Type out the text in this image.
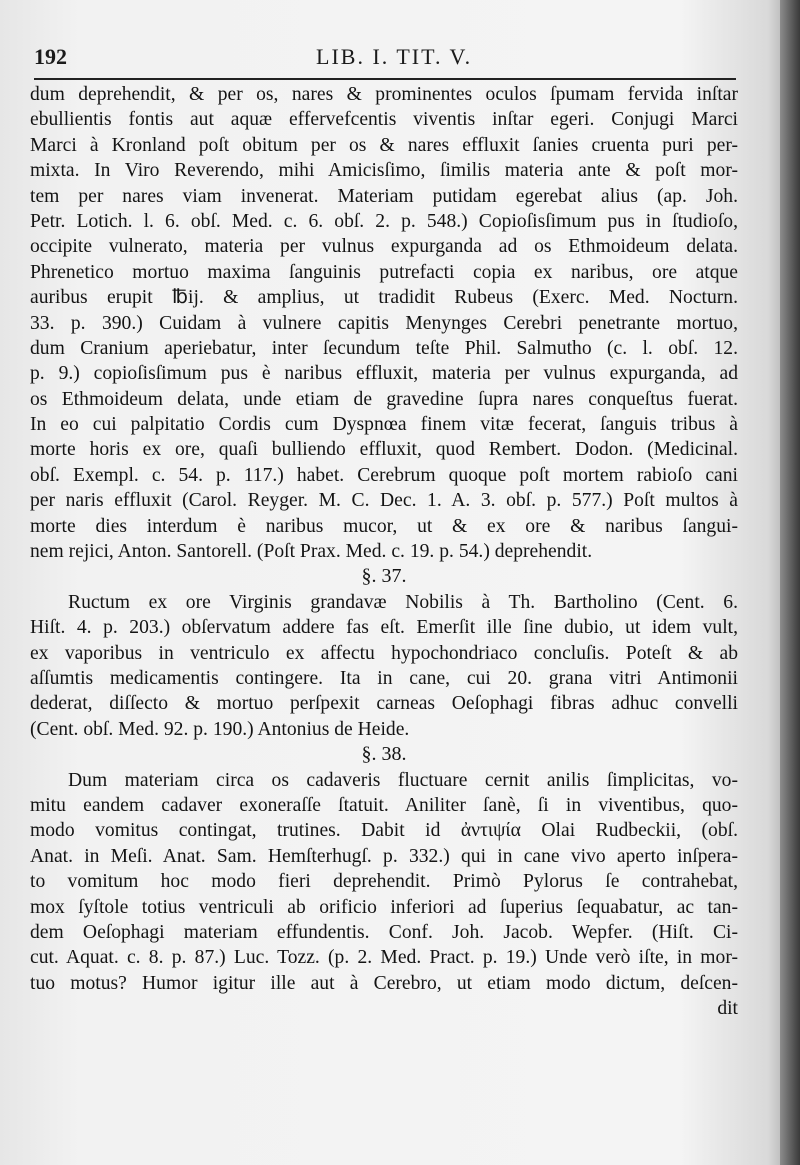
192	LIB. I. TIT. V.
dum deprehendit, & per os, nares & prominentes oculos ſpumam fervida inſtar
ebullientis fontis aut aquæ effervefcentis viventis inſtar egeri. Conjugi Marci
Marci à Kronland poſt obitum per os & nares effluxit ſanies cruenta puri per-
mixta. In Viro Reverendo, mihi Amicisſimo, ſimilis materia ante & poſt mor-
tem per nares viam invenerat. Materiam putidam egerebat alius (ap. Joh.
Petr. Lotich. l. 6. obſ. Med. c. 6. obſ. 2. p. 548.) Copioſisſimum pus in ſtudioſo,
occipite vulnerato, materia per vulnus expurganda ad os Ethmoideum delata.
Phrenetico mortuo maxima ſanguinis putrefacti copia ex naribus, ore atque
auribus erupit ℔ij. & amplius, ut tradidit Rubeus (Exerc. Med. Nocturn.
33. p. 390.) Cuidam à vulnere capitis Menynges Cerebri penetrante mortuo,
dum Cranium aperiebatur, inter ſecundum teſte Phil. Salmutho (c. l. obſ. 12.
p. 9.) copioſisſimum pus è naribus effluxit, materia per vulnus expurganda, ad
os Ethmoideum delata, unde etiam de gravedine ſupra nares conqueſtus fuerat.
In eo cui palpitatio Cordis cum Dyspnœa finem vitæ fecerat, ſanguis tribus à
morte horis ex ore, quaſi bulliendo effluxit, quod Rembert. Dodon. (Medicinal.
obſ. Exempl. c. 54. p. 117.) habet. Cerebrum quoque poſt mortem rabioſo cani
per naris effluxit (Carol. Reyger. M. C. Dec. 1. A. 3. obſ. p. 577.) Poſt multos à
morte dies interdum è naribus mucor, ut & ex ore & naribus ſangui-
nem rejici, Anton. Santorell. (Poſt Prax. Med. c. 19. p. 54.) deprehendit.
§. 37.
Ructum ex ore Virginis grandavæ Nobilis à Th. Bartholino (Cent. 6.
Hiſt. 4. p. 203.) obſervatum addere fas eſt. Emerſit ille ſine dubio, ut idem vult,
ex vaporibus in ventriculo ex affectu hypochondriaco concluſis. Poteſt & ab
aſſumtis medicamentis contingere. Ita in cane, cui 20. grana vitri Antimonii
dederat, diſſecto & mortuo perſpexit carneas Oeſophagi fibras adhuc convelli
(Cent. obſ. Med. 92. p. 190.) Antonius de Heide.
§. 38.
Dum materiam circa os cadaveris fluctuare cernit anilis ſimplicitas, vo-
mitu eandem cadaver exoneraſſe ſtatuit. Aniliter ſanè, ſi in viventibus, quo-
modo vomitus contingat, trutines. Dabit id ἀντιψία Olai Rudbeckii, (obſ.
Anat. in Meſi. Anat. Sam. Hemſterhugſ. p. 332.) qui in cane vivo aperto inſpera-
to vomitum hoc modo fieri deprehendit. Primò Pylorus ſe contrahebat,
mox ſyſtole totius ventriculi ab orificio inferiori ad ſuperius ſequabatur, ac tan-
dem Oeſophagi materiam effundentis. Conf. Joh. Jacob. Wepfer. (Hiſt. Ci-
cut. Aquat. c. 8. p. 87.) Luc. Tozz. (p. 2. Med. Pract. p. 19.) Unde verò iſte, in mor-
tuo motus? Humor igitur ille aut à Cerebro, ut etiam modo dictum, deſcen-
dit
